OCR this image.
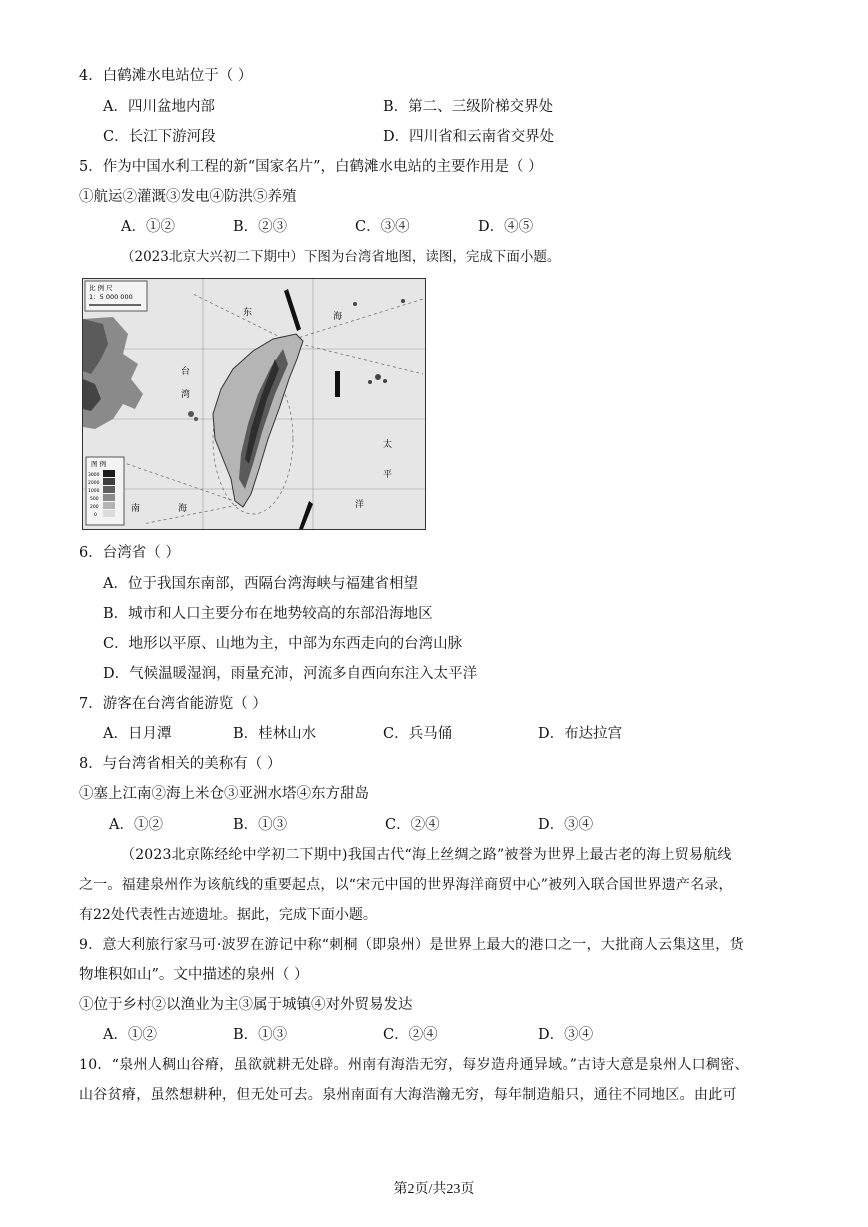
4．白鹤滩水电站位于（ ）
A．四川盆地内部	B．第二、三级阶梯交界处
C．长江下游河段	D．四川省和云南省交界处
5．作为中国水利工程的新“国家名片”，白鹤滩水电站的主要作用是（ ）
①航运②灌溉③发电④防洪⑤养殖
A．①②	B．②③	C．③④	D．④⑤
（2023北京大兴初二下期中）下图为台湾省地图，读图，完成下面小题。
比 例 尺
1：5 000 000
图 例
3000
2000
1000
500
200
0
东	海
台
湾
太
平
洋
南	海
6．台湾省（ ）
A．位于我国东南部，西隔台湾海峡与福建省相望
B．城市和人口主要分布在地势较高的东部沿海地区
C．地形以平原、山地为主，中部为东西走向的台湾山脉
D．气候温暖湿润，雨量充沛，河流多自西向东注入太平洋
7．游客在台湾省能游览（ ）
A．日月潭	B．桂林山水	C．兵马俑	D．布达拉宫
8．与台湾省相关的美称有（ ）
①塞上江南②海上米仓③亚洲水塔④东方甜岛
A．①②	B．①③	C．②④	D．③④
（2023北京陈经纶中学初二下期中)我国古代“海上丝绸之路”被誉为世界上最古老的海上贸易航线
之一。福建泉州作为该航线的重要起点，以“宋元中国的世界海洋商贸中心”被列入联合国世界遗产名录，
有22处代表性古迹遗址。据此，完成下面小题。
9．意大利旅行家马可·波罗在游记中称“刺桐（即泉州）是世界上最大的港口之一，大批商人云集这里，货
物堆积如山”。文中描述的泉州（ ）
①位于乡村②以渔业为主③属于城镇④对外贸易发达
A．①②	B．①③	C．②④	D．③④
10．“泉州人稠山谷瘠，虽欲就耕无处辟。州南有海浩无穷，每岁造舟通异域。”古诗大意是泉州人口稠密、
山谷贫瘠，虽然想耕种，但无处可去。泉州南面有大海浩瀚无穷，每年制造船只，通往不同地区。由此可
第2页/共23页
